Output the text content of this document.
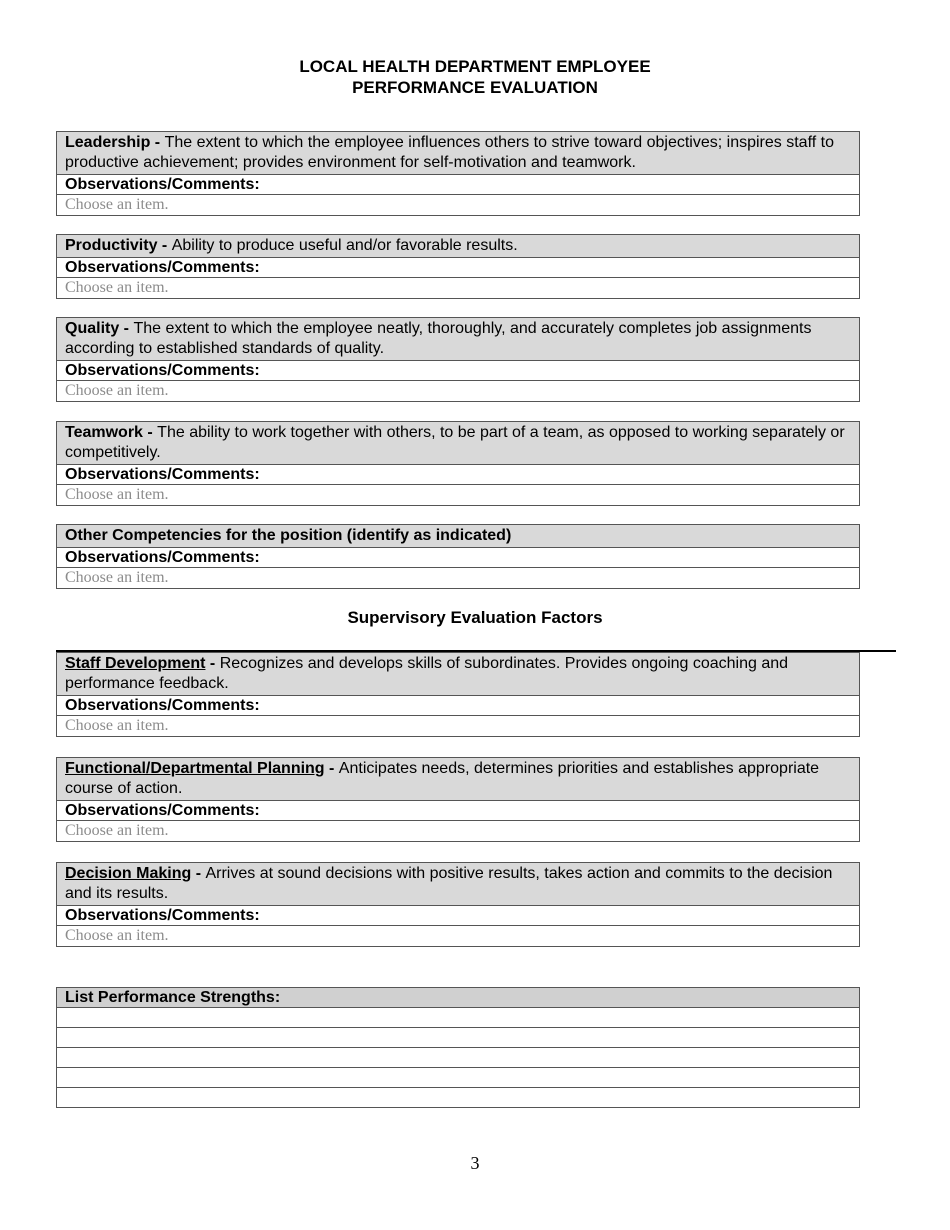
LOCAL HEALTH DEPARTMENT EMPLOYEE
PERFORMANCE EVALUATION
Leadership - The extent to which the employee influences others to strive toward objectives; inspires staff to productive achievement; provides environment for self-motivation and teamwork.
Observations/Comments:
Choose an item.
Productivity - Ability to produce useful and/or favorable results.
Observations/Comments:
Choose an item.
Quality - The extent to which the employee neatly, thoroughly, and accurately completes job assignments according to established standards of quality.
Observations/Comments:
Choose an item.
Teamwork - The ability to work together with others, to be part of a team, as opposed to working separately or competitively.
Observations/Comments:
Choose an item.
Other Competencies for the position (identify as indicated)
Observations/Comments:
Choose an item.
Supervisory Evaluation Factors
Staff Development - Recognizes and develops skills of subordinates. Provides ongoing coaching and performance feedback.
Observations/Comments:
Choose an item.
Functional/Departmental Planning - Anticipates needs, determines priorities and establishes appropriate course of action.
Observations/Comments:
Choose an item.
Decision Making - Arrives at sound decisions with positive results, takes action and commits to the decision and its results.
Observations/Comments:
Choose an item.
List Performance Strengths:
3
